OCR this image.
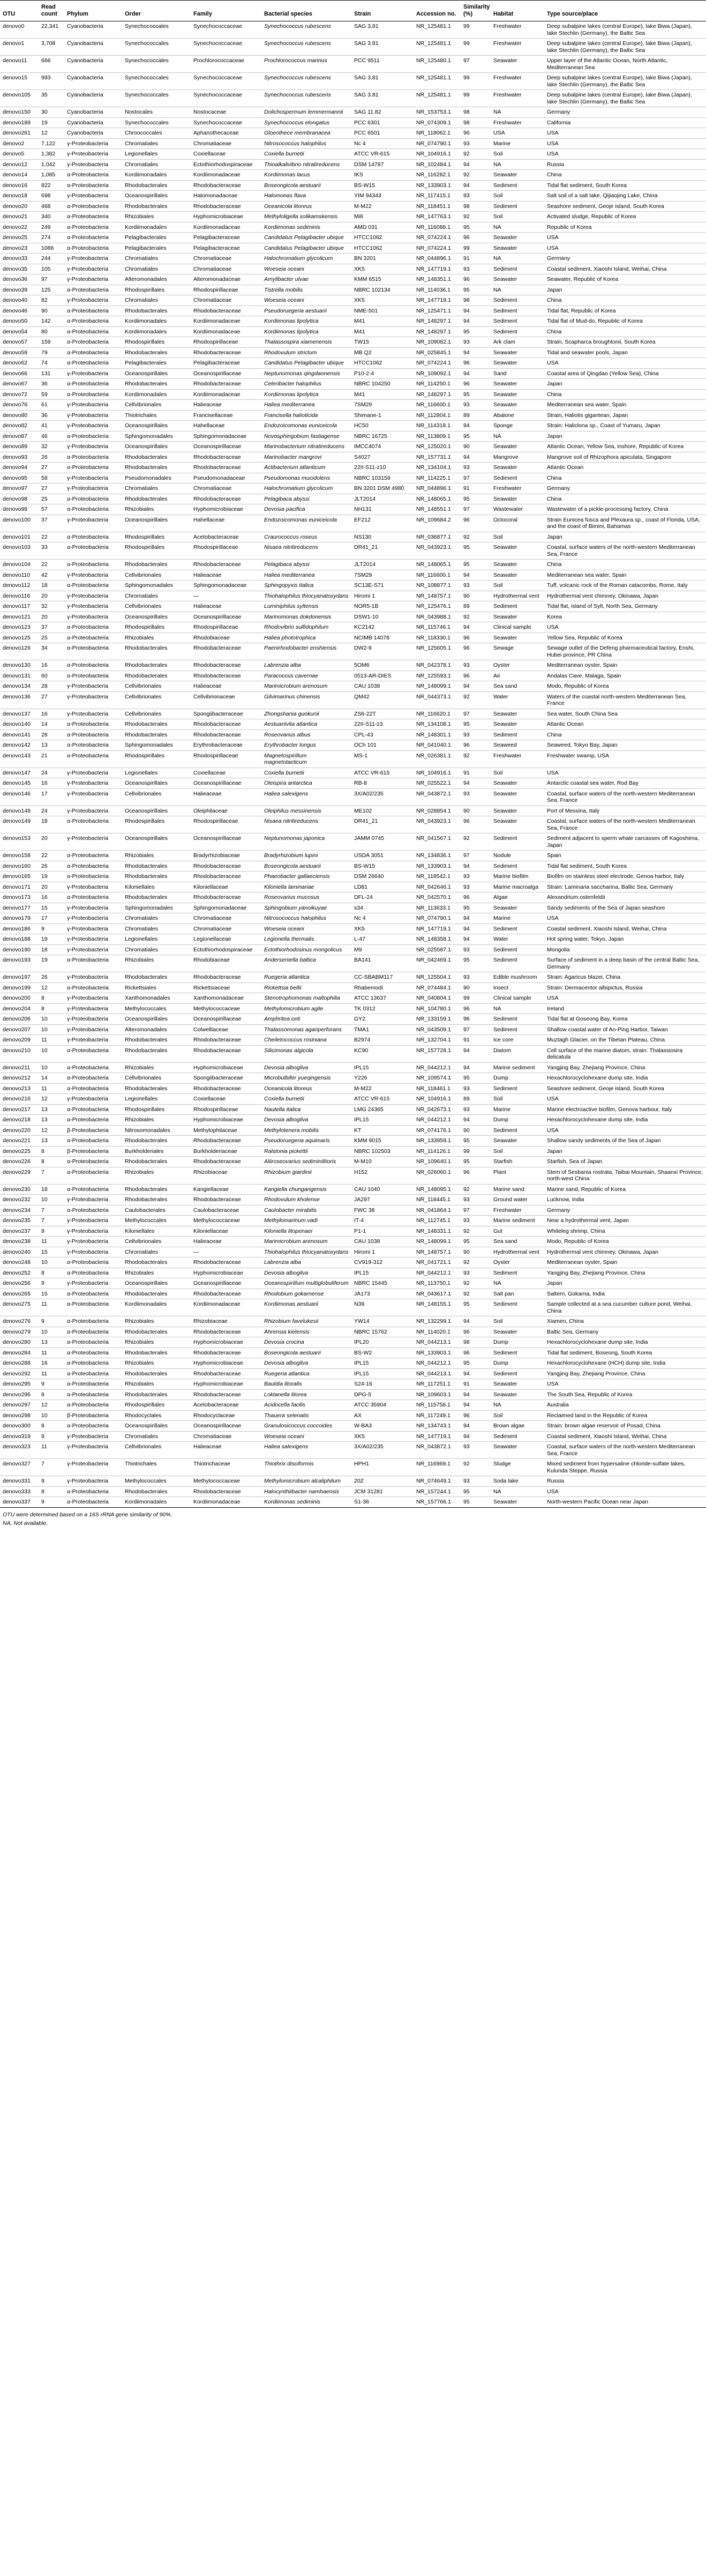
OTU	Read count	Phylum	Order	Family	Bacterial species	Strain	Accession no.	Similarity (%)	Habitat	Type source/place
denovo0	22,341	Cyanobacteria	Synechococcales	Synechococcaceae	Synechococcus rubescens	SAG 3.81	NR_125481.1	99	Freshwater	Deep subalpine lakes (central Europe), lake Biwa (Japan), lake Stechlin (Germany), the Baltic Sea
denovo1	3,708	Cyanobacteria	Synechococcales	Synechococcaceae	Synechococcus rubescens	SAG 3.81	NR_125481.1	99	Freshwater	Deep subalpine lakes (central Europe), lake Biwa (Japan), lake Stechlin (Germany), the Baltic Sea
denovo11	666	Cyanobacteria	Synechococcales	Prochlorococcaceae	Prochlorococcus marinus	PCC 9511	NR_125480.1	97	Seawater	Upper layer of the Atlantic Ocean, North Atlantic, Mediterranean Sea
denovo15	993	Cyanobacteria	Synechococcales	Synechococcaceae	Synechococcus rubescens	SAG 3.81	NR_125481.1	99	Freshwater	Deep subalpine lakes (central Europe), lake Biwa (Japan), lake Stechlin (Germany), the Baltic Sea
denovo105	35	Cyanobacteria	Synechococcales	Synechococcaceae	Synechococcus rubescens	SAG 3.81	NR_125481.1	99	Freshwater	Deep subalpine lakes (central Europe), lake Biwa (Japan), lake Stechlin (Germany), the Baltic Sea
denovo150	30	Cyanobacteria	Nostocales	Nostocaceae	Dolichospermum lemmermannii	SAG 11.82	NR_153753.1	98	NA	Germany
denovo189	19	Cyanobacteria	Synechococcales	Synechococcaceae	Synechococcus elongatus	PCC 6301	NR_074309.1	98	Freshwater	California
denovo261	12	Cyanobacteria	Chroococcales	Aphanothecaceae	Gloeothece membranacea	PCC 6501	NR_118062.1	96	USA	USA
denovo2	7,122	γ-Proteobacteria	Chromatiales	Chromatiaceae	Nitrosococcus halophilus	Nc 4	NR_074790.1	93	Marine	USA
denovo5	1,382	γ-Proteobacteria	Legionellales	Coxiellaceae	Coxiella burnetii	ATCC VR-615	NR_104916.1	92	Soil	USA
denovo12	1,042	γ-Proteobacteria	Chromatiales	Ectothiorhodospiraceae	Thioalkalivibrio nitratireducens	DSM 14787	NR_102484.1	94	NA	Russia
denovo14	1,085	α-Proteobacteria	Kordiimonadales	Kordiimonadaceae	Kordiimonas lacus	IKS	NR_116282.1	92	Seawater	China
denovo16	822	α-Proteobacteria	Rhodobacterales	Rhodobacteraceae	Boseongicola aestuarii	BS-W15	NR_133903.1	94	Sediment	Tidal flat sediment, South Korea
denovo18	698	γ-Proteobacteria	Oceanospirillales	Halomonadaceae	Halomonas flava	YIM 94343	NR_117415.1	93	Soil	Salt soil of a salt lake, Qijiaojing Lake, China
denovo20	468	α-Proteobacteria	Rhodobacterales	Rhodobacteraceae	Oceanicola litoreus	M-M22	NR_118451.1	98	Sediment	Seashore sediment, Geoje island, South Korea
denovo21	340	α-Proteobacteria	Rhizobiales	Hyphomicrobiaceae	Methyloligella solikamskensis	Mi6	NR_147763.1	92	Soil	Activated sludge, Republic of Korea
denovo22	249	α-Proteobacteria	Kordiimonadales	Kordiimonadaceae	Kordiimonas sediminis	AMD 031	NR_116088.1	95	NA	Republic of Korea
denovo25	274	α-Proteobacteria	Pelagibacterales	Pelagibacteraceae	Candidatus Pelagibacter ubique	HTCC1062	NR_074224.1	96	Seawater	USA
denovo23	1086	α-Proteobacteria	Pelagibacterales	Pelagibacteraceae	Candidatus Pelagibacter ubique	HTCC1062	NR_074224.1	99	Seawater	USA
denovo33	244	γ-Proteobacteria	Chromatiales	Chromatiaceae	Halochromatium glycolicum	BN 3201	NR_044896.1	91	NA	Germany
denovo35	105	γ-Proteobacteria	Chromatiales	Chromatiaceae	Woeseia oceani	XK5	NR_147719.1	93	Sediment	Coastal sediment, Xiaoshi Island, Weihai, China
denovo36	97	γ-Proteobacteria	Alteromonadales	Alteromonadaceae	Amylibacter ulvae	KMM 6515	NR_148351.1	96	Seawater	Seawater, Republic of Korea
denovo39	125	α-Proteobacteria	Rhodospirillales	Rhodospirillaceae	Tistrella mobilis	NBRC 102134	NR_114036.1	95	NA	Japan
denovo40	82	γ-Proteobacteria	Chromatiales	Chromatiaceae	Woeseia oceani	XK5	NR_147719.1	98	Sediment	China
denovo46	90	α-Proteobacteria	Rhodobacterales	Rhodobacteraceae	Pseudoruegeria aestuarii	NME-501	NR_125471.1	94	Sediment	Tidal flat, Republic of Korea
denovo50	142	α-Proteobacteria	Kordiimonadales	Kordiimonadaceae	Kordiimonas lipolytica	M41	NR_148297.1	94	Sediment	Tidal flat of Mud-do, Republic of Korea
denovo54	80	α-Proteobacteria	Kordiimonadales	Kordiimonadaceae	Kordiimonas lipolytica	M41	NR_148297.1	95	Sediment	China
denovo57	159	α-Proteobacteria	Rhodospirillales	Rhodospirillaceae	Thalassospira xiamenensis	TW15	NR_109082.1	93	Ark clam	Strain, Scapharca broughtonii, South Korea
denovo59	79	α-Proteobacteria	Rhodobacterales	Rhodobacteraceae	Rhodovulum strictum	MB Q2	NR_025845.1	94	Seawater	Tidal and seawater pools, Japan
denovo62	74	α-Proteobacteria	Pelagibacterales	Pelagibacteraceae	Candidatus Pelagibacter ubique	HTCC1062	NR_074224.1	96	Seawater	USA
denovo66	131	γ-Proteobacteria	Oceanospirillales	Oceanospirillaceae	Neptunomonas qingdaonensis	P10-2-4	NR_109092.1	94	Sand	Coastal area of Qingdao (Yellow Sea), China
denovo67	36	α-Proteobacteria	Rhodobacterales	Rhodobacteraceae	Celeribacter halophilus	NBRC 104250	NR_114250.1	96	Seawater	Japan
denovo72	59	α-Proteobacteria	Kordiimonadales	Kordiimonadaceae	Kordiimonas lipolytica	M41	NR_148297.1	95	Seawater	China
denovo76	61	γ-Proteobacteria	Cellvibrionales	Halieaceae	Haliea mediterranea	7SM29	NR_116600.1	93	Seawater	Mediterranean sea water, Spain
denovo80	36	γ-Proteobacteria	Thiotrichales	Francisellaceae	Francisella halioticida	Shimane-1	NR_112804.1	89	Abalone	Strain, Haliotis gigantean, Japan
denovo82	41	γ-Proteobacteria	Oceanospirillales	Hahellaceae	Endozoicomonas euniceicola	HC50	NR_114318.1	94	Sponge	Strain: Haliclona sp., Coast of Yumaru, Japan
denovo87	46	α-Proteobacteria	Sphingomonadales	Sphingomonadaceae	Novosphingobium fastiagense	NBRC 16725	NR_113809.1	95	NA	Japan
denovo89	32	γ-Proteobacteria	Oceanospirillales	Oceanospirillaceae	Marinobacterium nitratireducens	IMCC4074	NR_125020.1	90	Seawater	Atlantic Ocean, Yellow Sea, inshore, Republic of Korea
denovo93	26	α-Proteobacteria	Rhodobacterales	Rhodobacteraceae	Marinobacter mangrovi	S4027	NR_157731.1	94	Mangrove	Mangrove soil of Rhizophora apiculata, Singapore
denovo94	27	α-Proteobacteria	Rhodobacterales	Rhodobacteraceae	Actibacterium atlanticum	22II-S11-z10	NR_134104.1	93	Seawater	Atlantic Ocean
denovo95	58	γ-Proteobacteria	Pseudomonadales	Pseudomonadaceae	Pseudomonas mucidolens	NBRC 103159	NR_114225.1	97	Sediment	China
denovo97	27	γ-Proteobacteria	Chromatiales	Chromatiaceae	Halochromatium glycolicum	BN 3201 DSM 4980	NR_044896.1	91	Freshwater	Germany
denovo98	25	α-Proteobacteria	Rhodobacterales	Rhodobacteraceae	Pelagibaca abyssi	JLT2014	NR_148065.1	95	Seawater	China
denovo99	57	α-Proteobacteria	Rhizobiales	Hyphomicrobiaceae	Devosia pacifica	NH131	NR_148551.1	97	Wastewater	Wastewater of a pickle-processing factory, China
denovo100	37	γ-Proteobacteria	Oceanospirillales	Hahellaceae	Endozoicomonas euniceicola	EF212	NR_109684.2	96	Octocoral	Strain Eunicea fusca and Plexaura sp., coast of Florida, USA, and the coast of Bimini, Bahamas
denovo101	22	α-Proteobacteria	Rhodospirillales	Acetobacteraceae	Craurococcus roseus	NS130	NR_036877.1	92	Soil	Japan
denovo103	33	α-Proteobacteria	Rhodospirillales	Rhodospirillaceae	Nisaea nitritireducens	DR41_21	NR_043923.1	95	Seawater	Coastal, surface waters of the north-western Mediterranean Sea, France
denovo104	22	α-Proteobacteria	Rhodobacterales	Rhodobacteraceae	Pelagibaca abyssi	JLT2014	NR_148065.1	95	Seawater	China
denovo110	42	γ-Proteobacteria	Cellvibrionales	Halieaceae	Haliea mediterranea	7SM29	NR_116600.1	94	Seawater	Mediterranean sea water, Spain
denovo112	18	α-Proteobacteria	Sphingomonadales	Sphingomonadaceae	Sphingopyxis italica	SC13E-S71	NR_108877.1	93	Soil	Tuff, volcanic rock of the Roman catacombs, Rome, Italy
denovo116	20	γ-Proteobacteria	Chromatiales	—	Thiohalophilus thiocyanatoxydans	Hiromi 1	NR_148757.1	90	Hydrothermal vent	Hydrothermal vent chimney, Okinawa, Japan
denovo117	32	γ-Proteobacteria	Cellvibrionales	Halieaceae	Luminiphilus syltensis	NOR5-1B	NR_125476.1	89	Sediment	Tidal flat, island of Sylt, North Sea, Germany
denovo121	20	γ-Proteobacteria	Oceanospirillales	Oceanospirillaceae	Marinomonas dokdonensis	DSW1-10	NR_043988.1	92	Seawater	Korea
denovo123	37	α-Proteobacteria	Rhodospirillales	Rhodospirillaceae	Rhodovibrio sulfidophilum	KC2142	NR_115746.1	94	Clinical sample	USA
denovo125	25	α-Proteobacteria	Rhizobiales	Rhodobiaceae	Haliea phototrophica	NCIMB 14078	NR_118330.1	96	Seawater	Yellow Sea, Republic of Korea
denovo126	34	α-Proteobacteria	Rhodobacterales	Rhodobacteraceae	Paenirhodobacter enshiensis	DW2-9	NR_125605.1	96	Sewage	Sewage outlet of the Defeng pharmaceutical factory, Enshi, Hubei province, PR China
denovo130	16	α-Proteobacteria	Rhodobacterales	Rhodobacteraceae	Labrenzia alba	5OM6	NR_042378.1	93	Oyster	Mediterranean oyster, Spain
denovo131	60	α-Proteobacteria	Rhodobacterales	Rhodobacteraceae	Paracoccus cavernae	0513-AR-DIES	NR_125593.1	96	Air	Andalas Cave, Malaga, Spain
denovo134	28	γ-Proteobacteria	Cellvibrionales	Halieaceae	Marimicrobium arenosum	CAU 1038	NR_148099.1	94	Sea sand	Modo, Republic of Korea
denovo136	27	γ-Proteobacteria	Cellvibrionales	Cellvibrionaceae	Gilvimarinus chinensis	QM42	NR_044373.1	92	Water	Waters of the coastal north-western Mediterranean Sea, France
denovo137	16	γ-Proteobacteria	Cellvibrionales	Spongiibacteraceae	Zhongshania guokunii	ZS6-22T	NR_116620.1	97	Seawater	Sea water, South China Sea
denovo140	14	α-Proteobacteria	Rhodobacterales	Rhodobacteraceae	Aestuariivita atlantica	22II-S11-z3	NR_134108.1	95	Seawater	Atlantic Ocean
denovo141	28	α-Proteobacteria	Rhodobacterales	Rhodobacteraceae	Roseovarius albus	CPL-43	NR_148301.1	93	Sediment	China
denovo142	13	α-Proteobacteria	Sphingomonadales	Erythrobacteraceae	Erythrobacter longus	OCh 101	NR_041040.1	96	Seaweed	Seaweed, Tokyo Bay, Japan
denovo143	21	α-Proteobacteria	Rhodospirillales	Rhodospirillaceae	Magnetospirillum magnetotacticum	MS-1	NR_026381.1	92	Freshwater	Freshwater swamp, USA
denovo147	24	γ-Proteobacteria	Legionellales	Coxiellaceae	Coxiella burnetii	ATCC VR-615	NR_104916.1	91	Soil	USA
denovo145	16	γ-Proteobacteria	Oceanospirillales	Oceanospirillaceae	Oleispira antarctica	RB-8	NR_025522.1	94	Seawater	Antarctic coastal sea water, Rod Bay
denovo146	17	γ-Proteobacteria	Cellvibrionales	Halieaceae	Haliea salexigens	3X/A02/235	NR_043872.1	93	Seawater	Coastal, surface waters of the north-western Mediterranean Sea, France
denovo148	24	γ-Proteobacteria	Oceanospirillales	Oleiphilaceae	Oleiphilus messinensis	ME102	NR_028854.1	90	Seawater	Port of Messina, Italy
denovo149	18	α-Proteobacteria	Rhodospirillales	Rhodospirillaceae	Nisaea nitritireducens	DR41_21	NR_043923.1	96	Seawater	Coastal, surface waters of the north-western Mediterranean Sea, France
denovo153	20	γ-Proteobacteria	Oceanospirillales	Oceanospirillaceae	Neptunomonas japonica	JAMM 0745	NR_041567.1	92	Sediment	Sediment adjacent to sperm whale carcasses off Kagoshima, Japan
denovo158	22	α-Proteobacteria	Rhizobiales	Bradyrhizobiaceae	Bradyrhizobium lupini	USDA 3051	NR_134836.1	97	Nodule	Spain
denovo160	26	α-Proteobacteria	Rhodobacterales	Rhodobacteraceae	Boseongicola aestuarii	BS-W15	NR_133903.1	94	Sediment	Tidal flat sediment, South Korea
denovo165	19	α-Proteobacteria	Rhodobacterales	Rhodobacteraceae	Phaeobacter gallaeciensis	DSM 26640	NR_118542.1	93	Marine biofilm	Biofilm on stainless steel electrode, Genoa harbor, Italy
denovo171	20	γ-Proteobacteria	Kiloniellales	Kiloniellaceae	Kiloniella laminariae	LD81	NR_042646.1	93	Marine macroalga	Strain: Laminaria saccharina, Baltic Sea, Germany
denovo173	16	α-Proteobacteria	Rhodobacterales	Rhodobacteraceae	Roseovarius mucosus	DFL-24	NR_042570.1	96	Algae	Alexandrium ostenfeldii
denovo177	15	γ-Proteobacteria	Sphingomonadales	Sphingomonadaceae	Sphingobium yanoikuyae	s34	NR_113633.1	95	Seawater	Sandy sediments of the Sea of Japan seashore
denovo179	17	γ-Proteobacteria	Chromatiales	Chromatiaceae	Nitrosococcus halophilus	Nc 4	NR_074790.1	94	Marine	USA
denovo186	9	γ-Proteobacteria	Chromatiales	Chromatiaceae	Woeseia oceani	XK5	NR_147719.1	94	Sediment	Coastal sediment, Xiaoshi Island, Weihai, China
denovo188	19	γ-Proteobacteria	Legionellales	Legionellaceae	Legionella thermalis	L-47	NR_148358.1	94	Water	Hot spring water, Tokyo, Japan
denovo190	18	γ-Proteobacteria	Chromatiales	Ectothiorhodospiraceae	Ectothiorhodosinus mongolicus	M9	NR_025587.1	93	Sediment	Mongolia
denovo193	19	α-Proteobacteria	Rhizobiales	Rhodobiaceae	Anderseniella baltica	BA141	NR_042469.1	95	Sediment	Surface of sediment in a deep basin of the central Baltic Sea, Germany
denovo197	26	γ-Proteobacteria	Rhodobacterales	Rhodobacteraceae	Ruegeria atlantica	CC-SBABM117	NR_125504.1	93	Edible mushroom	Strain: Agaricus blazei, China
denovo199	12	α-Proteobacteria	Rickettsiales	Rickettsiaceae	Rickettsia bellii	Rhabemodi	NR_074484.1	90	Insect	Strain: Dermacentor albipictus, Russia
denovo200	8	γ-Proteobacteria	Xanthomonadales	Xanthomonadaceae	Stenotrophomonas maltophilia	ATCC 13637	NR_040804.1	99	Clinical sample	USA
denovo204	8	γ-Proteobacteria	Methylococcales	Methylococcaceae	Methylomicrobium agile	TK 0312	NR_104780.1	96	NA	Ireland
denovo206	10	γ-Proteobacteria	Oceanospirillales	Oceanospirillaceae	Amphritea ceti	GY2	NR_133159.1	96	Sediment	Tidal flat at Goseong Bay, Korea
denovo207	10	γ-Proteobacteria	Alteromonadales	Colwelliaceae	Thalassomonas agariperforans	TMA1	NR_043509.1	97	Sediment	Shallow coastal water of An-Ping Harbor, Taiwan
denovo209	11	γ-Proteobacteria	Rhodobacterales	Rhodobacteraceae	Cheiletococcus rosiniana	B2974	NR_132704.1	91	Ice core	Muztagh Glacier, on the Tibetan Plateau, China
denovo210	10	α-Proteobacteria	Rhodobacterales	Rhodobacteraceae	Silicimonas algicola	KC90	NR_157728.1	94	Diatom	Cell surface of the marine diatom, strain: Thalassiosira delicatula
denovo211	10	α-Proteobacteria	Rhizobiales	Hyphomicrobiaceae	Devosia albogilva	IPL15	NR_044212.1	94	Marine sediment	Yangjing Bay, Zhejiang Province, China
denovo212	14	α-Proteobacteria	Cellvibrionales	Spongiibacteraceae	Microbulbifer yueqingensis	Y226	NR_109574.1	95	Dump	Hexachlorocyclohexane dump site, India
denovo213	11	α-Proteobacteria	Rhodobacterales	Rhodobacteraceae	Oceanicola litoreus	M-M22	NR_118461.1	93	Sediment	Seashore sediment, Geoje island, South Korea
denovo216	12	γ-Proteobacteria	Legionellales	Coxiellaceae	Coxiella burnetii	ATCC VR-615	NR_104916.1	89	Soil	USA
denovo217	13	α-Proteobacteria	Rhodospirillales	Rhodospirillaceae	Nautella italica	LMG 24365	NR_042673.1	93	Marine	Marine electroactive biofilm, Genova harbour, Italy
denovo218	13	α-Proteobacteria	Rhizobiales	Hyphomicrobiaceae	Devosia albogilva	IPL15	NR_044212.1	94	Dump	Hexachlorocyclohexane dump site, India
denovo220	12	β-Proteobacteria	Nitrosomonadales	Methylophilaceae	Methylotenera mobilis	KT	NR_074176.1	90	Sediment	USA
denovo221	13	α-Proteobacteria	Rhodobacterales	Rhodobacteraceae	Pseudoruegeria aquimaris	KMM 9015	NR_133959.1	95	Seawater	Shallow sandy sediments of the Sea of Japan
denovo225	8	β-Proteobacteria	Burkholderiales	Burkholderiaceae	Ralstonia pickettii	NBRC 102503	NR_114126.1	99	Soil	Japan
denovo226	8	α-Proteobacteria	Rhodobacterales	Rhodobacteraceae	Aliiroseovarius sediminilitoris	M-M10	NR_109640.1	95	Starfish	Starfish, Sea of Japan
denovo229	7	α-Proteobacteria	Rhizobiales	Rhizobiaceae	Rhizobium giardinii	H152	NR_026060.1	96	Plant	Stem of Sesbania rostrata, Taibai Mountain, Shaanxi Province, north-west China
denovo230	18	α-Proteobacteria	Rhodobacterales	Kangiellaceae	Kangiella chungangensis	CAU 1040	NR_148095.1	92	Marine sand	Marine sand, Republic of Korea
denovo232	10	γ-Proteobacteria	Rhodobacterales	Rhodobacteraceae	Rhodovulum kholense	JA297	NR_118445.1	93	Ground water	Lucknow, India
denovo234	7	α-Proteobacteria	Caulobacterales	Caulobacteraceae	Caulobacter mirabilis	FWC 38	NR_041864.1	97	Freshwater	Germany
denovo235	7	γ-Proteobacteria	Methylococcales	Methylococcaceae	Methylomarinum vadi	IT-4	NR_112745.1	93	Marine sediment	Near a hydrothermal vent, Japan
denovo237	9	γ-Proteobacteria	Kiloniellales	Kiloniellaceae	Kiloniella litopenaei	P1-1	NR_148331.1	92	Gut	Whiteleg shrimp, China
denovo238	11	γ-Proteobacteria	Cellvibrionales	Halieaceae	Marimicrobium arenosum	CAU 1038	NR_148099.1	95	Sea sand	Modo, Republic of Korea
denovo240	15	γ-Proteobacteria	Chromatiales	—	Thiohalophilus thiocyanatoxydans	Hiromi 1	NR_148757.1	90	Hydrothermal vent	Hydrothermal vent chimney, Okinawa, Japan
denovo248	10	α-Proteobacteria	Rhodobacterales	Rhodobacteraceae	Labrenzia alba	CV919-312	NR_041721.1	92	Oyster	Mediterranean oyster, Spain
denovo252	8	α-Proteobacteria	Rhizobiales	Hyphomicrobiaceae	Devosia albogilva	IPL15	NR_044212.1	93	Sediment	Yangjing Bay, Zhejiang Province, China
denovo256	9	γ-Proteobacteria	Oceanospirillales	Oceanospirillaceae	Oceanospirillum multiglobuliferum	NBRC 15445	NR_113750.1	92	NA	Japan
denovo265	15	α-Proteobacteria	Rhodobacterales	Rhodobacteraceae	Rhodobium gokarnense	JA173	NR_043617.1	92	Salt pan	Saltern, Gokarna, India
denovo275	11	α-Proteobacteria	Kordiimonadales	Kordiimonadaceae	Kordiimonas aestuarii	N39	NR_148155.1	95	Sediment	Sample collected at a sea cucumber culture pond, Weihai, China
denovo276	9	α-Proteobacteria	Rhizobiales	Rhizobiaceae	Rhizobium favelukesii	YW14	NR_132299.1	94	Soil	Xiamen, China
denovo279	10	α-Proteobacteria	Rhodobacterales	Rhodobacteraceae	Ahrensia kielensis	NBRC 15762	NR_114020.1	96	Seawater	Baltic Sea, Germany
denovo280	13	α-Proteobacteria	Rhizobiales	Hyphomicrobiaceae	Devosia crocina	IPL20	NR_044213.1	98	Dump	Hexachlorocyclohexane dump site, India
denovo284	11	α-Proteobacteria	Rhodobacterales	Rhodobacteraceae	Boseongicola aestuarii	BS-W2	NR_133903.1	96	Sediment	Tidal flat sediment, Boseong, South Korea
denovo288	16	α-Proteobacteria	Rhizobiales	Hyphomicrobiaceae	Devosia albogilva	IPL15	NR_044212.1	95	Dump	Hexachlorocyclohexane (HCH) dump site, India
denovo292	11	α-Proteobacteria	Rhodobacterales	Rhodobacteraceae	Ruegeria atlantica	IPL15	NR_044213.1	94	Sediment	Yangjing Bay, Zhejiang Province, China
denovo295	9	α-Proteobacteria	Rhizobiales	Hyphomicrobiaceae	Bauldia litoralis	S24-16	NR_117251.1	91	Seawater	USA
denovo296	8	α-Proteobacteria	Rhodobacterales	Rhodobacteraceae	Loktanella litorea	DPG-5	NR_109603.1	94	Seawater	The South Sea, Republic of Korea
denovo297	12	α-Proteobacteria	Rhodospirillales	Acetobacteraceae	Acidocella facilis	ATCC 35904	NR_115758.1	94	NA	Australia
denovo298	10	β-Proteobacteria	Rhodocyclales	Rhodocyclaceae	Thauera selenatis	AX	NR_117249.1	96	Soil	Reclaimed land in the Republic of Korea
denovo300	8	α-Proteobacteria	Oceanospirillales	Oceanospirillaceae	Granulosicoccus coccoides	W-BA3	NR_134743.1	94	Brown algae	Strain: brown algae reservoir of Posad, China
denovo319	9	γ-Proteobacteria	Chromatiales	Chromatiaceae	Woeseia oceani	XK5	NR_147719.1	94	Sediment	Coastal sediment, Xiaoshi Island, Weihai, China
denovo323	11	γ-Proteobacteria	Cellvibrionales	Halieaceae	Haliea salexigens	3X/A02/235	NR_043872.1	93	Seawater	Coastal, surface waters of the north-western Mediterranean Sea, France
denovo327	7	γ-Proteobacteria	Thiotrichales	Thiotrichaceae	Thiothrix disciformis	HPH1	NR_116969.1	92	Sludge	Mixed sediment from hypersaline chloride-sulfate lakes, Kulunda Steppe, Russia
denovo331	9	γ-Proteobacteria	Methylococcales	Methylococcaceae	Methylomicrobium alcaliphilum	20Z	NR_074649.1	93	Soda lake	Russia
denovo333	8	α-Proteobacteria	Rhodobacterales	Rhodobacteraceae	Halocynthiibacter namhaensis	JCM 31281	NR_157244.1	95	NA	USA
denovo337	9	α-Proteobacteria	Kordiimonadales	Kordiimonadaceae	Kordiimonas sediminis	S1-36	NR_157766.1	95	Seawater	North-western Pacific Ocean near Japan
OTU were determined based on a 16S rRNA gene similarity of 90%.
NA, Not available.
